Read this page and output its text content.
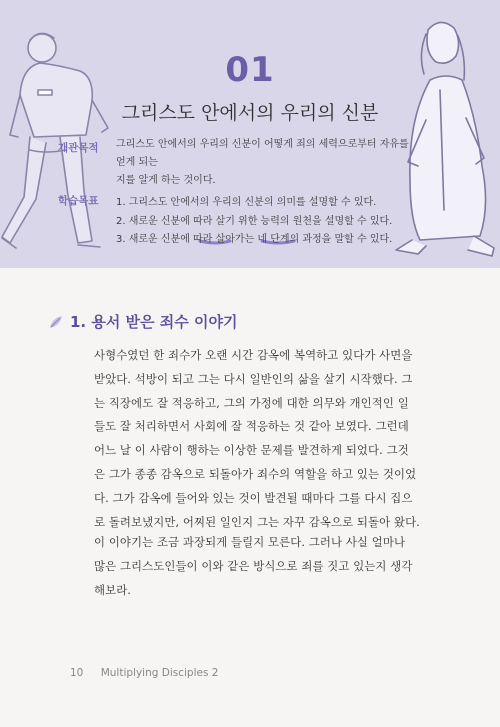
01
그리스도 안에서의 우리의 신분
개관목적 그리스도 안에서의 우리의 신분이 어떻게 죄의 세력으로부터 자유를 얻게 되는
지를 알게 하는 것이다.
학습목표 1. 그리스도 안에서의 우리의 신분의 의미를 설명할 수 있다.
2. 새로운 신분에 따라 살기 위한 능력의 원천을 설명할 수 있다.
3. 새로운 신분에 따라 살아가는 네 단계의 과정을 말할 수 있다.
1. 용서 받은 죄수 이야기
사형수였던 한 죄수가 오랜 시간 감옥에 복역하고 있다가 사면을
받았다. 석방이 되고 그는 다시 일반인의 삶을 살기 시작했다. 그
는 직장에도 잘 적응하고, 그의 가정에 대한 의무와 개인적인 일
들도 잘 처리하면서 사회에 잘 적응하는 것 같아 보였다. 그런데
어느 날 이 사람이 행하는 이상한 문제를 발견하게 되었다. 그것
은 그가 종종 감옥으로 되돌아가 죄수의 역할을 하고 있는 것이었
다. 그가 감옥에 들어와 있는 것이 발견될 때마다 그를 다시 집으
로 돌려보냈지만, 어찌된 일인지 그는 자꾸 감옥으로 되돌아 왔다.
이 이야기는 조금 과장되게 들릴지 모른다. 그러나 사실 얼마나
많은 그리스도인들이 이와 같은 방식으로 죄를 짓고 있는지 생각
해보라.
10 Multiplying Disciples 2
